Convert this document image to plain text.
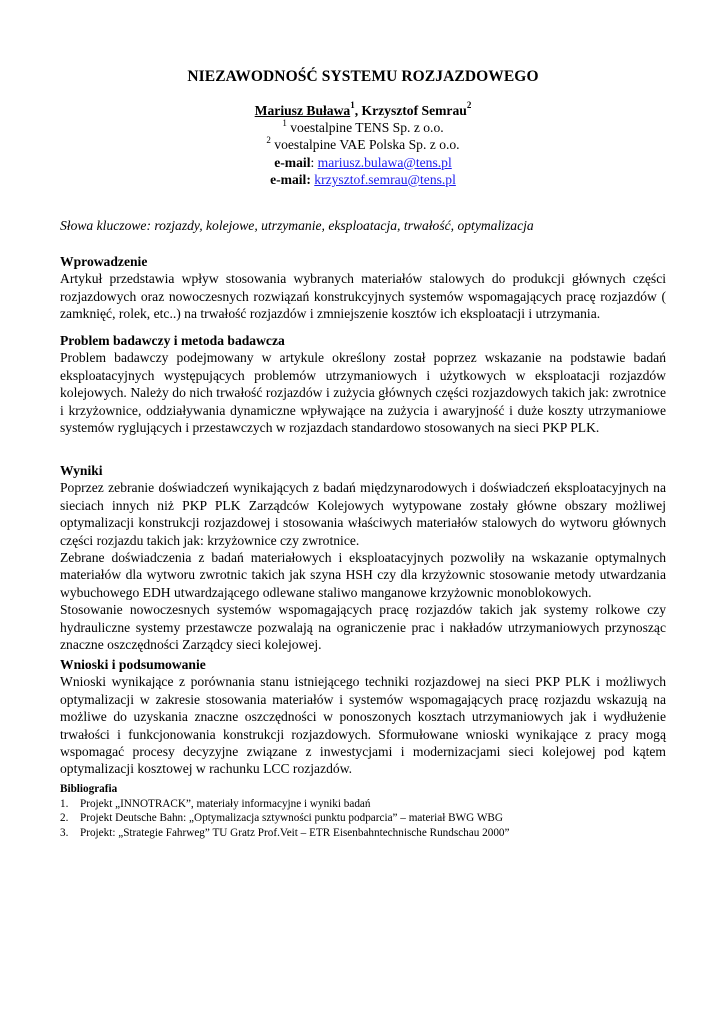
NIEZAWODNOŚĆ SYSTEMU ROZJAZDOWEGO
Mariusz Buława$^1$, Krzysztof Semrau$^2$
$^1$ voestalpine TENS Sp. z o.o.
$^2$ voestalpine VAE Polska Sp. z o.o.
e-mail: mariusz.bulawa@tens.pl
e-mail: krzysztof.semrau@tens.pl
Słowa kluczowe: rozjazdy, kolejowe, utrzymanie, eksploatacja, trwałość, optymalizacja
Wprowadzenie

Artykuł przedstawia wpływ stosowania wybranych materiałów stalowych do produkcji głównych części rozjazdowych oraz nowoczesnych rozwiązań konstrukcyjnych systemów wspomagających pracę rozjazdów ( zamknięć, rolek, etc..) na trwałość rozjazdów i zmniejszenie kosztów ich eksploatacji i utrzymania.

Problem badawczy i metoda badawcza

Problem badawczy podejmowany w artykule określony został poprzez wskazanie na podstawie badań eksploatacyjnych występujących problemów utrzymaniowych i użytkowych w eksploatacji rozjazdów kolejowych. Należy do nich trwałość rozjazdów i zużycia głównych części rozjazdowych takich jak: zwrotnice i krzyżownice, oddziaływania dynamiczne wpływające na zużycia i awaryjność i duże koszty utrzymaniowe systemów ryglujących i przestawczych w rozjazdach standardowo stosowanych na sieci PKP PLK.

Wyniki

Poprzez zebranie doświadczeń wynikających z badań międzynarodowych i doświadczeń eksploatacyjnych na sieciach innych niż PKP PLK Zarządców Kolejowych wytypowane zostały główne obszary możliwej optymalizacji konstrukcji rozjazdowej i stosowania właściwych materiałów stalowych do wytworu głównych części rozjazdu takich jak: krzyżownice czy zwrotnice.

Zebrane doświadczenia z badań materiałowych i eksploatacyjnych pozwoliły na wskazanie optymalnych materiałów dla wytworu zwrotnic takich jak szyna HSH czy dla krzyżownic stosowanie metody utwardzania wybuchowego EDH utwardzającego odlewane staliwo manganowe krzyżownic monoblokowych.

Stosowanie nowoczesnych systemów wspomagających pracę rozjazdów takich jak systemy rolkowe czy hydrauliczne systemy przestawcze pozwalają na ograniczenie prac i nakładów utrzymaniowych przynosząc znaczne oszczędności Zarządcy sieci kolejowej.

Wnioski i podsumowanie

Wnioski wynikające z porównania stanu istniejącego techniki rozjazdowej na sieci PKP PLK i możliwych optymalizacji w zakresie stosowania materiałów i systemów wspomagających pracę rozjazdu wskazują na możliwe do uzyskania znaczne oszczędności w ponoszonych kosztach utrzymaniowych jak i wydłużenie trwałości i funkcjonowania konstrukcji rozjazdowych. Sformułowane wnioski wynikające z pracy mogą wspomagać procesy decyzyjne związane z inwestycjami i modernizacjami sieci kolejowej pod kątem optymalizacji kosztowej w rachunku LCC rozjazdów.

Bibliografia
1.	Projekt „INNOTRACK”, materiały informacyjne i wyniki badań
2.	Projekt Deutsche Bahn: „Optymalizacja sztywności punktu podparcia” – materiał BWG WBG
3.	Projekt: „Strategie Fahrweg” TU Gratz Prof.Veit – ETR Eisenbahntechnische Rundschau 2000”
